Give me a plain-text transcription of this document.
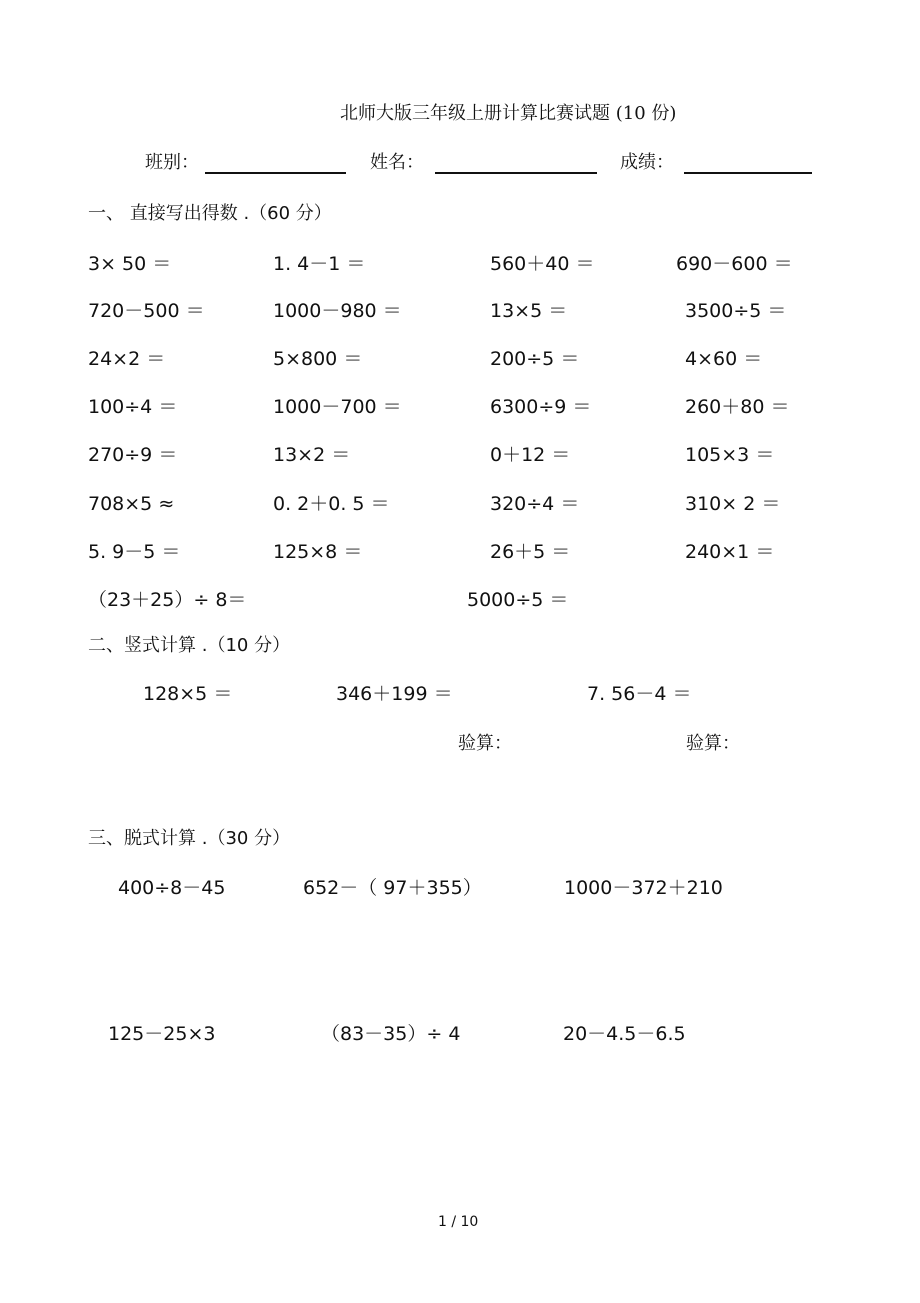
北师大版三年级上册计算比赛试题 (10 份)
班别：	姓名：	成绩：
一、 直接写出得数 .（60 分）
3× 50 ＝	1. 4－1 ＝	560＋40 ＝	690－600 ＝
720－500 ＝	1000－980 ＝	13×5 ＝	3500÷5 ＝
24×2 ＝	5×800 ＝	200÷5 ＝	4×60 ＝
100÷4 ＝	1000－700 ＝	6300÷9 ＝	260＋80 ＝
270÷9 ＝	13×2 ＝	0＋12 ＝	105×3 ＝
708×5 ≈	0. 2＋0. 5 ＝	320÷4 ＝	310× 2 ＝
5. 9－5 ＝	125×8 ＝	26＋5 ＝	240×1 ＝
（23＋25）÷ 8＝	5000÷5 ＝
二、竖式计算 .（10 分）
128×5 ＝	346＋199 ＝	7. 56－4 ＝
验算：	验算：
三、脱式计算 .（30 分）
400÷8－45	652－（ 97＋355）	1000－372＋210
125－25×3	（83－35）÷ 4	20－4.5－6.5
1 / 10
